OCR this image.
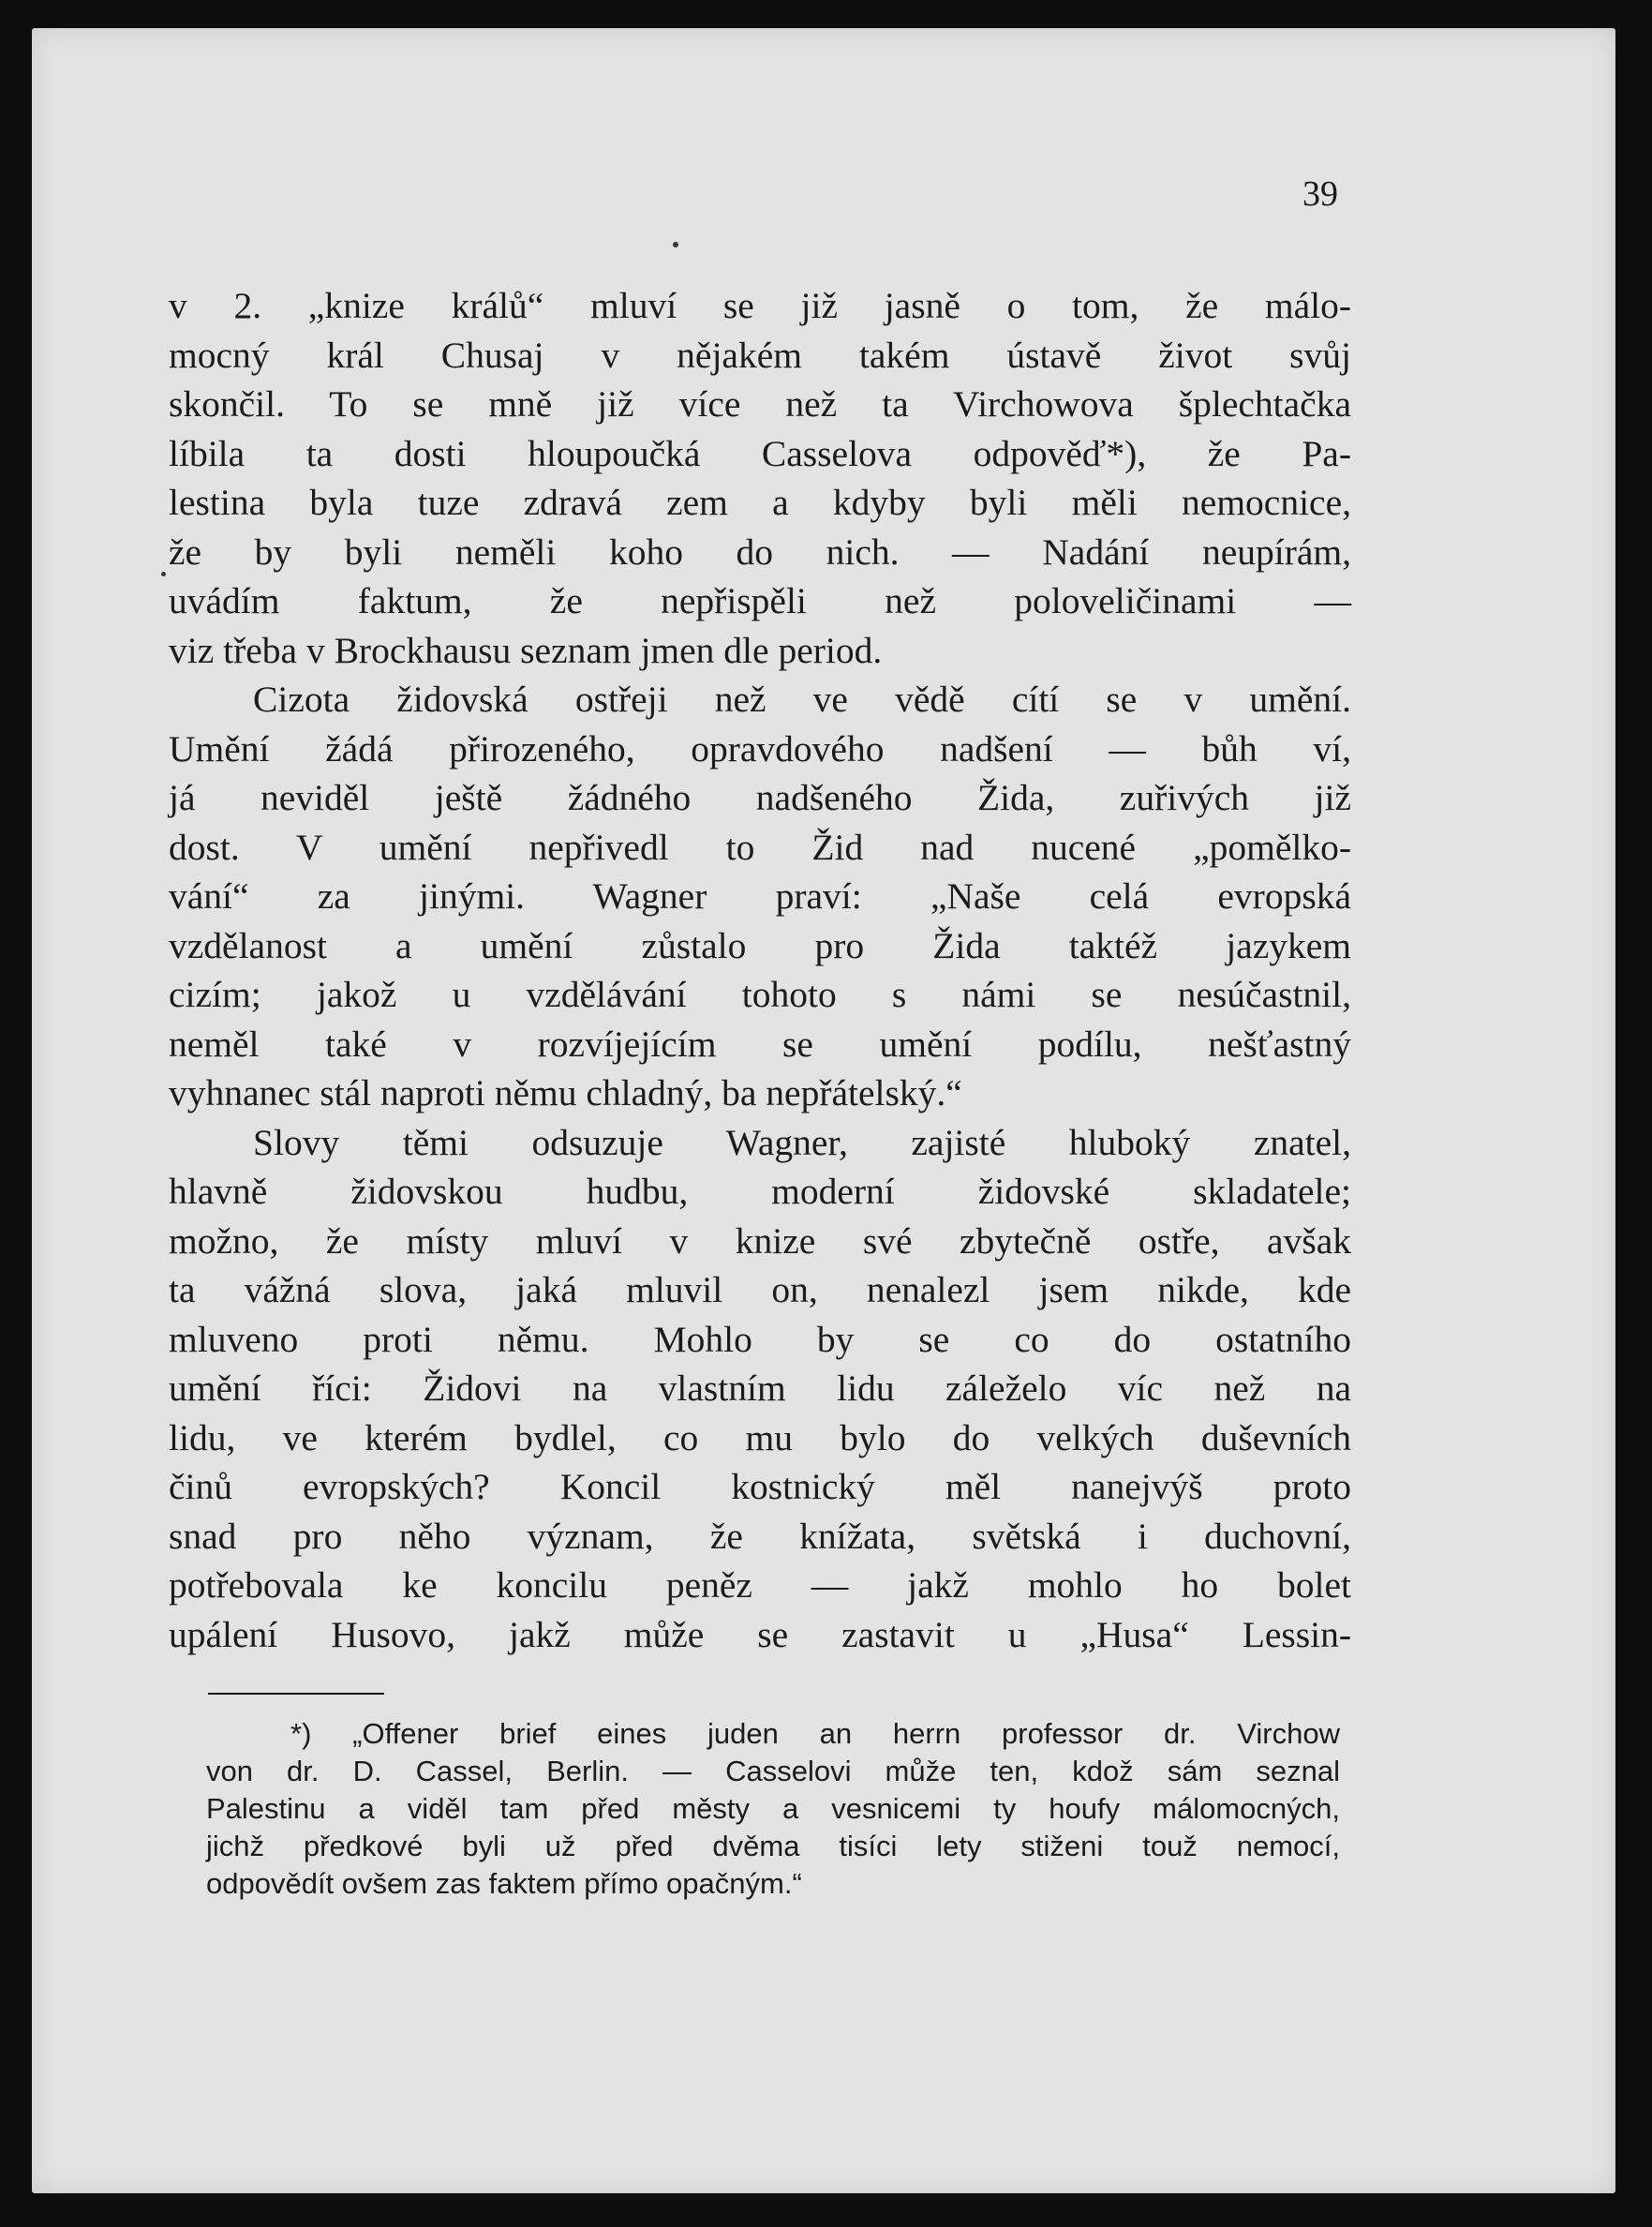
39
v 2. „knize králů“ mluví se již jasně o tom, že málo-
mocný král Chusaj v nějakém takém ústavě život svůj
skončil. To se mně již více než ta Virchowova šplechtačka
líbila ta dosti hloupoučká Casselova odpověď*), že Pa-
lestina byla tuze zdravá zem a kdyby byli měli nemocnice,
že by byli neměli koho do nich. — Nadání neupírám,
uvádím faktum, že nepřispěli než poloveličinami —
viz třeba v Brockhausu seznam jmen dle period.
Cizota židovská ostřeji než ve vědě cítí se v umění.
Umění žádá přirozeného, opravdového nadšení — bůh ví,
já neviděl ještě žádného nadšeného Žida, zuřivých již
dost. V umění nepřivedl to Žid nad nucené „pomělko-
vání“ za jinými. Wagner praví: „Naše celá evropská
vzdělanost a umění zůstalo pro Žida taktéž jazykem
cizím; jakož u vzdělávání tohoto s námi se nesúčastnil,
neměl také v rozvíjejícím se umění podílu, nešťastný
vyhnanec stál naproti němu chladný, ba nepřátelský.“
Slovy těmi odsuzuje Wagner, zajisté hluboký znatel,
hlavně židovskou hudbu, moderní židovské skladatele;
možno, že místy mluví v knize své zbytečně ostře, avšak
ta vážná slova, jaká mluvil on, nenalezl jsem nikde, kde
mluveno proti němu. Mohlo by se co do ostatního
umění říci: Židovi na vlastním lidu záleželo víc než na
lidu, ve kterém bydlel, co mu bylo do velkých duševních
činů evropských? Koncil kostnický měl nanejvýš proto
snad pro něho význam, že knížata, světská i duchovní,
potřebovala ke koncilu peněz — jakž mohlo ho bolet
upálení Husovo, jakž může se zastavit u „Husa“ Lessin-
*) „Offener brief eines juden an herrn professor dr. Virchow
von dr. D. Cassel, Berlin. — Casselovi může ten, kdož sám seznal
Palestinu a viděl tam před městy a vesnicemi ty houfy málomocných,
jichž předkové byli už před dvěma tisíci lety stiženi touž nemocí,
odpovědít ovšem zas faktem přímo opačným.“
